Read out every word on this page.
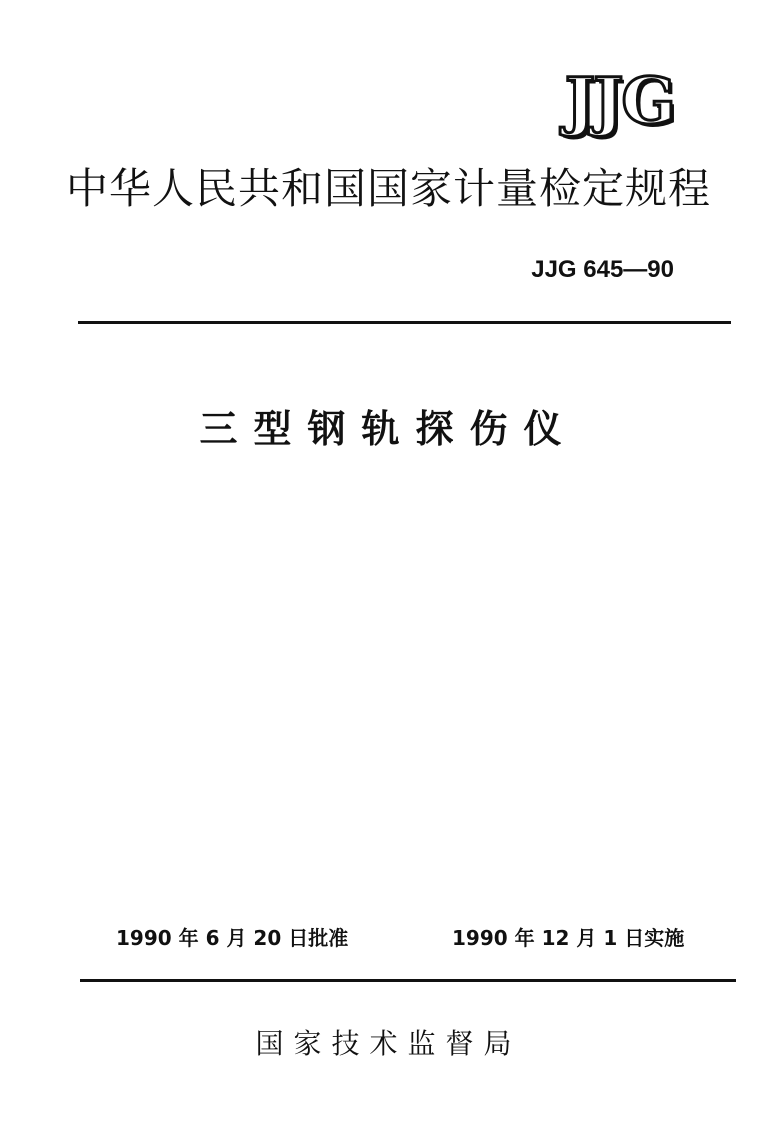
JJG
中华人民共和国国家计量检定规程
JJG 645—90
三型钢轨探伤仪
1990 年 6 月 20 日批准	1990 年 12 月 1 日实施
国家技术监督局
